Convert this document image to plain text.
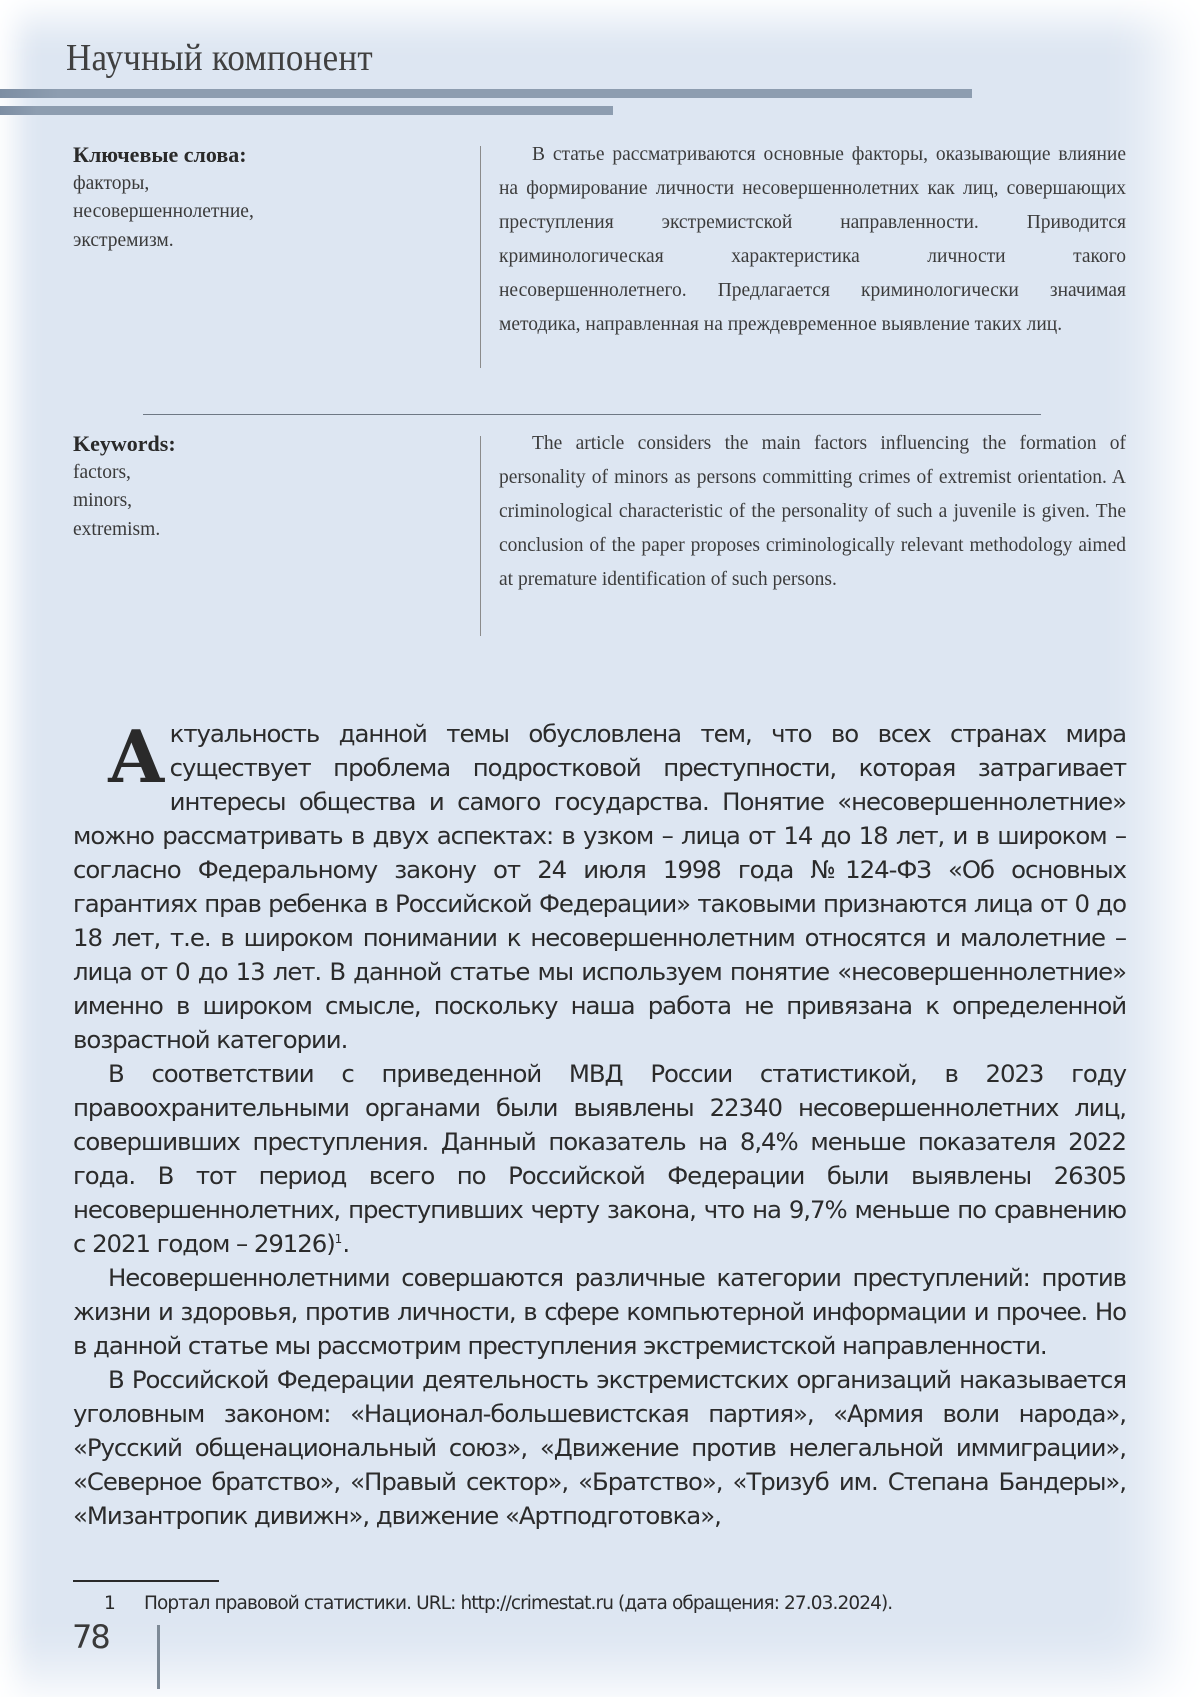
Научный компонент
Ключевые слова:
факторы,
несовершеннолетние,
экстремизм.
В статье рассматриваются основные факторы, оказывающие влияние на формирование личности несовершеннолетних как лиц, совершающих преступления экстремистской направленности. Приводится криминологическая характеристика личности такого несовершеннолетнего. Предлагается криминологически значимая методика, направленная на преждевременное выявление таких лиц.
Keywords:
factors,
minors,
extremism.
The article considers the main factors influencing the formation of personality of minors as persons committing crimes of extremist orientation. A criminological characteristic of the personality of such a juvenile is given. The conclusion of the paper proposes criminologically relevant methodology aimed at premature identification of such persons.

Актуальность данной темы обусловлена тем, что во всех странах мира существует проблема подростковой преступности, которая затрагивает интересы общества и самого государства. Понятие «несовершеннолетние» можно рассматривать в двух аспектах: в узком – лица от 14 до 18 лет, и в широком – согласно Федеральному закону от 24 июля 1998 года №124-ФЗ «Об основных гарантиях прав ребенка в Российской Федерации» таковыми признаются лица от 0 до 18 лет, т.е. в широком понимании к несовершеннолетним относятся и малолетние – лица от 0 до 13 лет. В данной статье мы используем понятие «несовершеннолетние» именно в широком смысле, поскольку наша работа не привязана к определенной возрастной категории.

В соответствии с приведенной МВД России статистикой, в 2023 году правоохранительными органами были выявлены 22340 несовершеннолетних лиц, совершивших преступления. Данный показатель на 8,4% меньше показателя 2022 года. В тот период всего по Российской Федерации были выявлены 26305 несовершеннолетних, преступивших черту закона, что на 9,7% меньше по сравнению с 2021 годом – 29126)$^1$.

Несовершеннолетними совершаются различные категории преступлений: против жизни и здоровья, против личности, в сфере компьютерной информации и прочее. Но в данной статье мы рассмотрим преступления экстремистской направленности.

В Российской Федерации деятельность экстремистских организаций наказывается уголовным законом: «Национал-большевистская партия», «Армия воли народа», «Русский общенациональный союз», «Движение против нелегальной иммиграции», «Северное братство», «Правый сектор», «Братство», «Тризуб им. Степана Бандеры», «Мизантропик дивижн», движение «Артподготовка»,

1 Портал правовой статистики. URL: http://crimestat.ru (дата обращения: 27.03.2024).
78
